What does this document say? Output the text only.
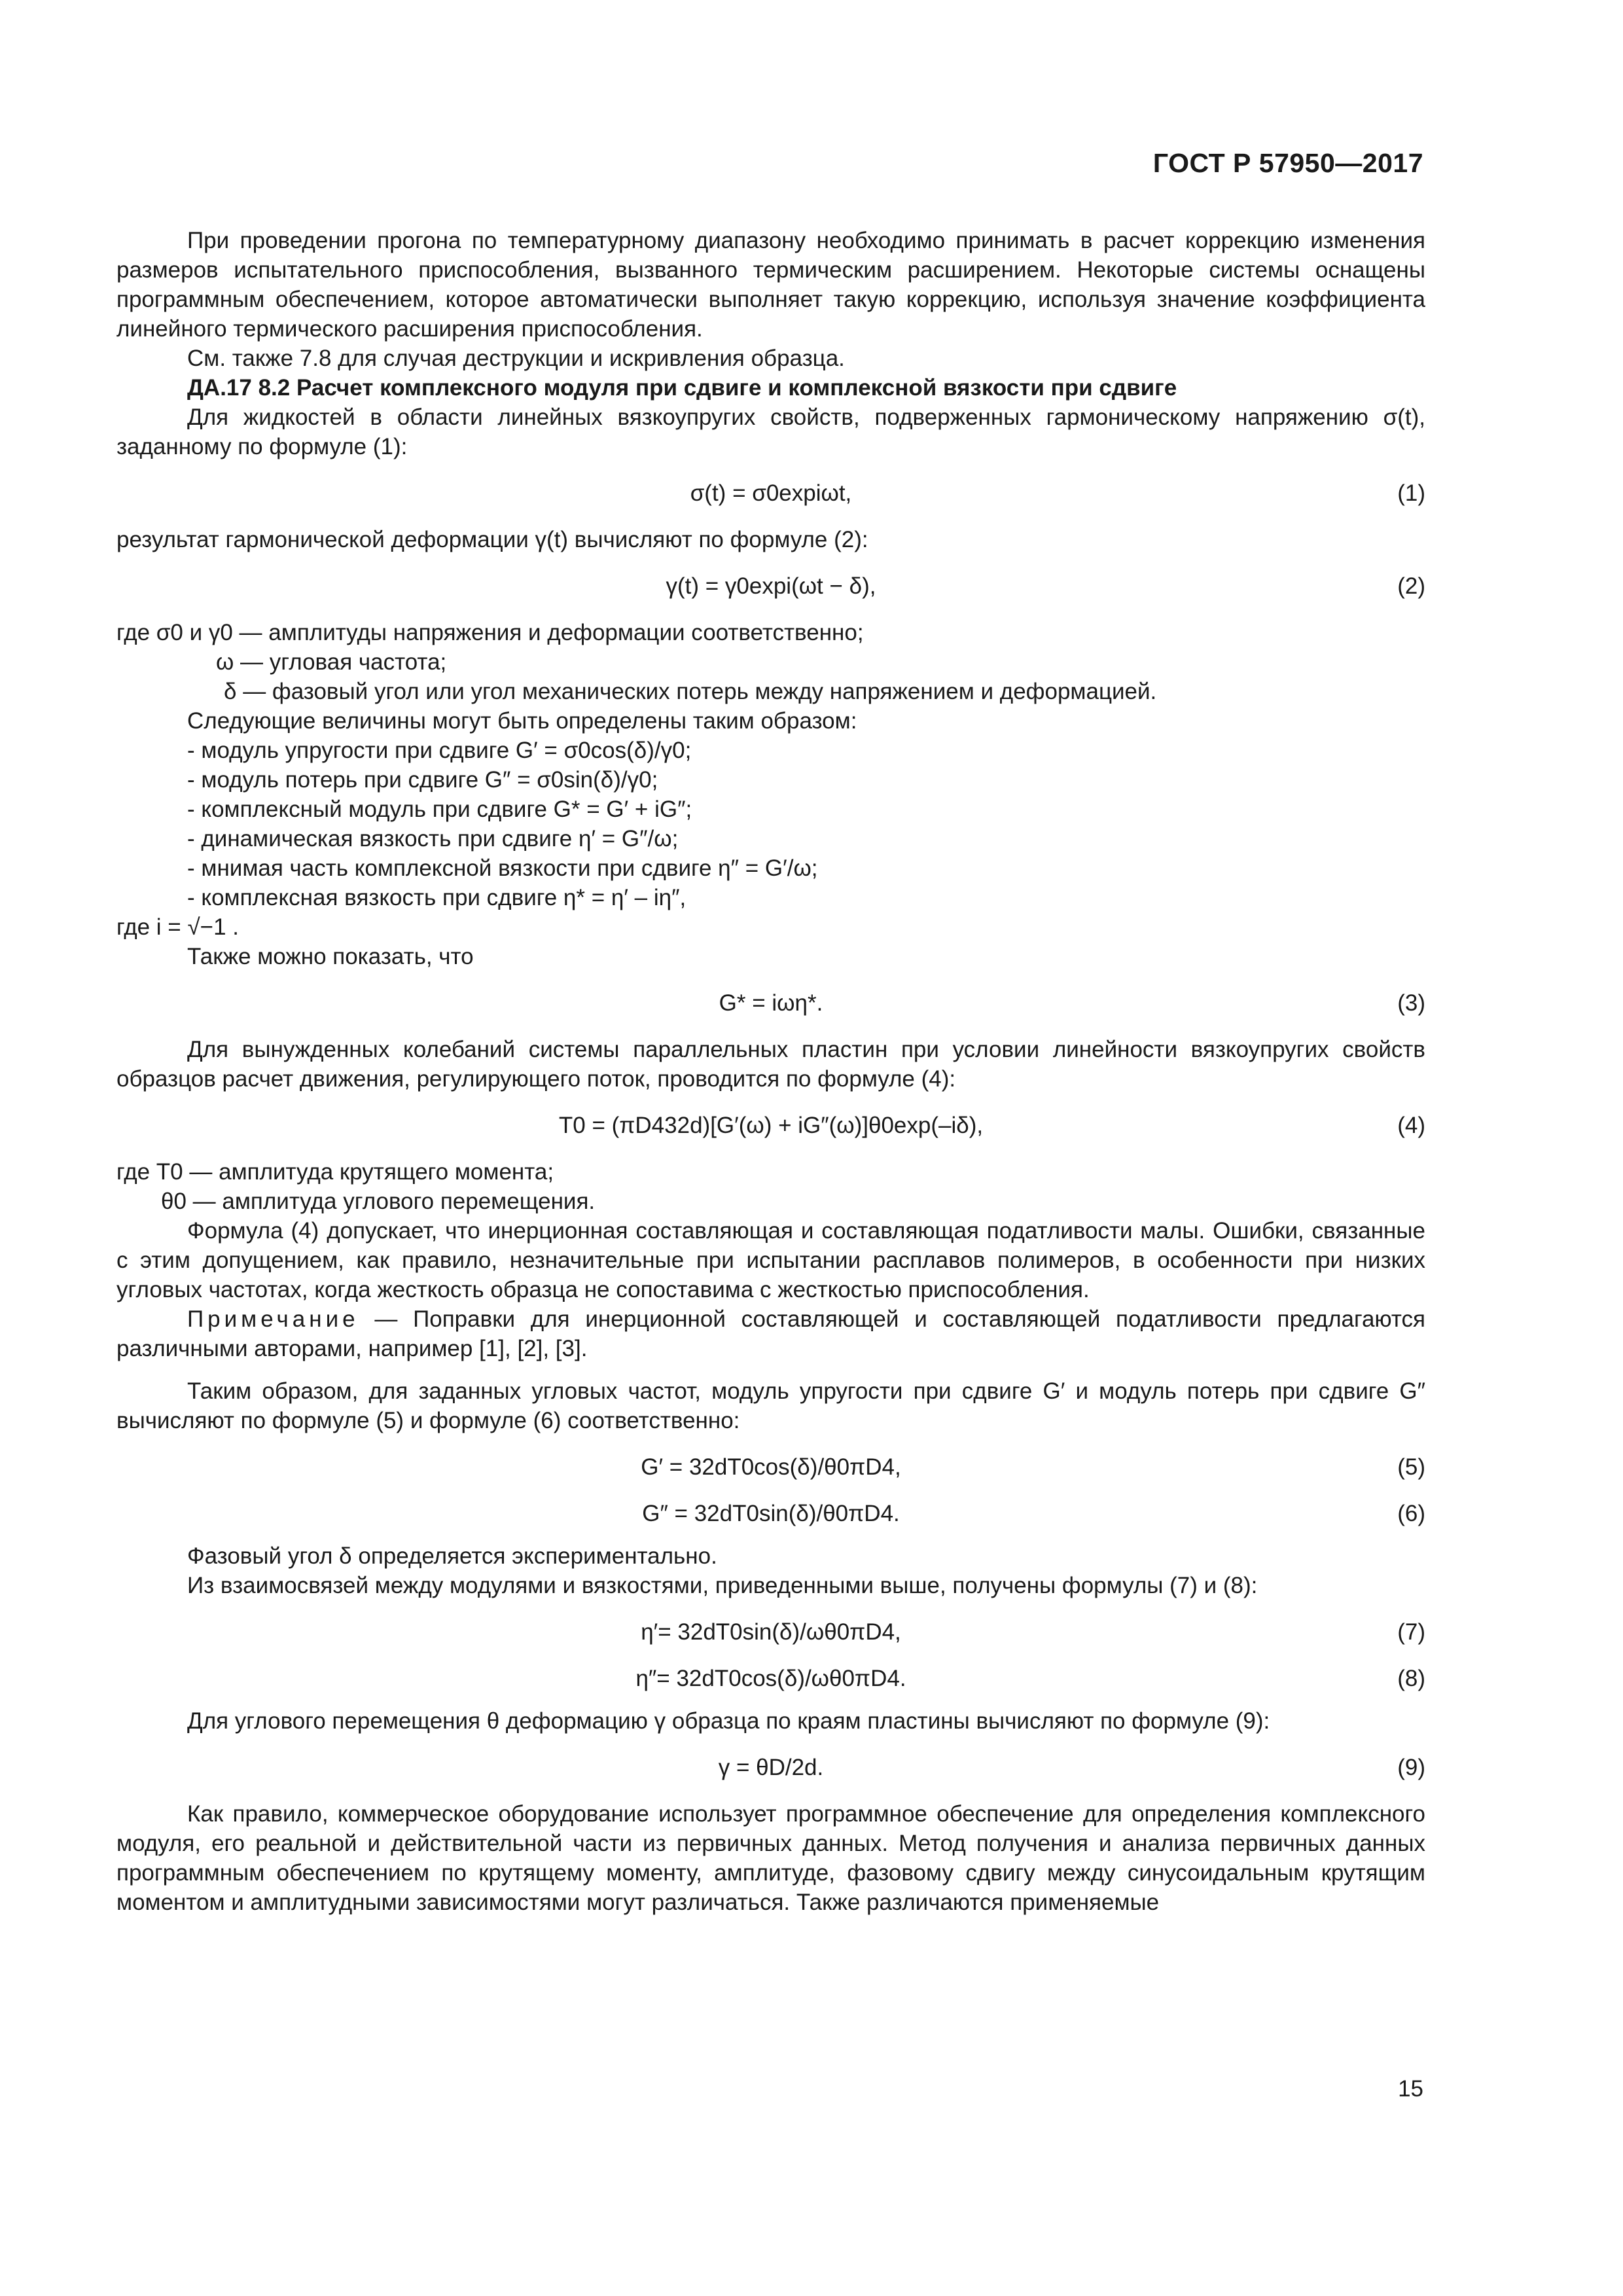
ГОСТ Р 57950—2017

При проведении прогона по температурному диапазону необходимо принимать в расчет коррекцию изменения размеров испытательного приспособления, вызванного термическим расширением. Некоторые системы оснащены программным обеспечением, которое автоматически выполняет такую коррекцию, используя значение коэффициента линейного термического расширения приспособления.

См. также 7.8 для случая деструкции и искривления образца.

ДА.17 8.2 Расчет комплексного модуля при сдвиге и комплексной вязкости при сдвиге

Для жидкостей в области линейных вязкоупругих свойств, подверженных гармоническому напряжению σ(t), заданному по формуле (1):

σ(t) = σ0expiωt,	(1)

результат гармонической деформации γ(t) вычисляют по формуле (2):

γ(t) = γ0expi(ωt − δ),	(2)

где σ0 и γ0 — амплитуды напряжения и деформации соответственно;

ω — угловая частота;

δ — фазовый угол или угол механических потерь между напряжением и деформацией.

Следующие величины могут быть определены таким образом:

- модуль упругости при сдвиге G′ = σ0cos(δ)/γ0;

- модуль потерь при сдвиге G″ = σ0sin(δ)/γ0;

- комплексный модуль при сдвиге G* = G′ + iG″;

- динамическая вязкость при сдвиге η′ = G″/ω;

- мнимая часть комплексной вязкости при сдвиге η″ = G′/ω;

- комплексная вязкость при сдвиге η* = η′ – iη″,

где i = √−1 .

Также можно показать, что

G* = iωη*.	(3)

Для вынужденных колебаний системы параллельных пластин при условии линейности вязкоупругих свойств образцов расчет движения, регулирующего поток, проводится по формуле (4):

T0 = (πD432d)[G′(ω) + iG″(ω)]θ0exp(–iδ),	(4)

где T0 — амплитуда крутящего момента;

θ0 — амплитуда углового перемещения.

Формула (4) допускает, что инерционная составляющая и составляющая податливости малы. Ошибки, связанные с этим допущением, как правило, незначительные при испытании расплавов полимеров, в особенности при низких угловых частотах, когда жесткость образца не сопоставима с жесткостью приспособления.

Примечание — Поправки для инерционной составляющей и составляющей податливости предлагаются различными авторами, например [1], [2], [3].

Таким образом, для заданных угловых частот, модуль упругости при сдвиге G′ и модуль потерь при сдвиге G″ вычисляют по формуле (5) и формуле (6) соответственно:

G′ = 32dT0cos(δ)/θ0πD4,	(5)
G″ = 32dT0sin(δ)/θ0πD4.	(6)

Фазовый угол δ определяется экспериментально.

Из взаимосвязей между модулями и вязкостями, приведенными выше, получены формулы (7) и (8):

η′= 32dT0sin(δ)/ωθ0πD4,	(7)
η″= 32dT0cos(δ)/ωθ0πD4.	(8)

Для углового перемещения θ деформацию γ образца по краям пластины вычисляют по формуле (9):

γ = θD/2d.	(9)

Как правило, коммерческое оборудование использует программное обеспечение для определения комплексного модуля, его реальной и действительной части из первичных данных. Метод получения и анализа первичных данных программным обеспечением по крутящему моменту, амплитуде, фазовому сдвигу между синусоидальным крутящим моментом и амплитудными зависимостями могут различаться. Также различаются применяемые

15
